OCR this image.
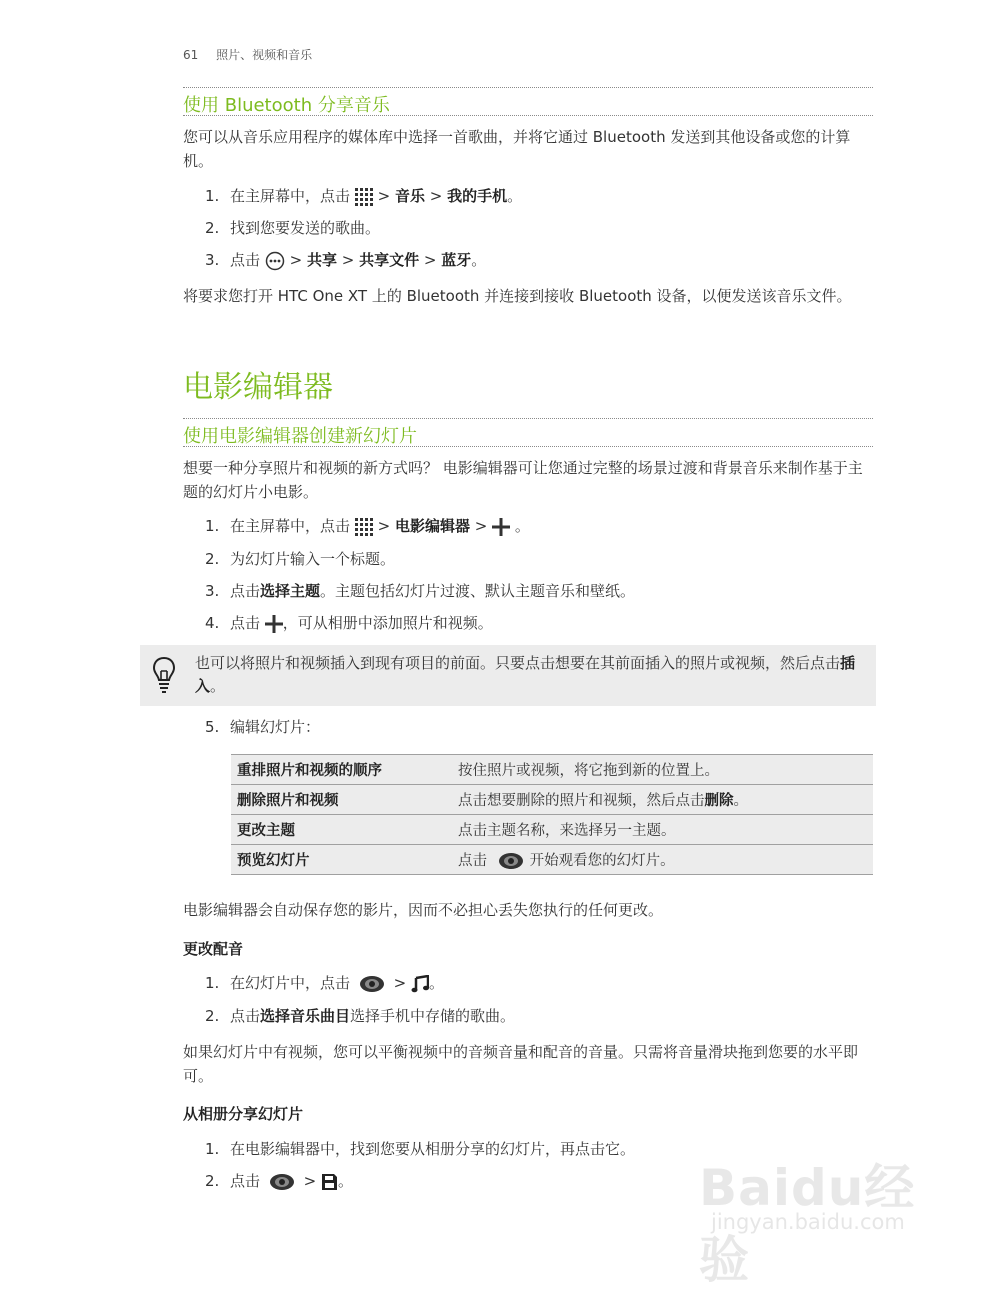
61 照片、视频和音乐
使用 Bluetooth 分享音乐
您可以从音乐应用程序的媒体库中选择一首歌曲，并将它通过 Bluetooth 发送到其他设备或您的计算机。
1. 在主屏幕中，点击 > 音乐 > 我的手机。
2. 找到您要发送的歌曲。
3. 点击 > 共享 > 共享文件 > 蓝牙。
将要求您打开 HTC One XT 上的 Bluetooth 并连接到接收 Bluetooth 设备，以便发送该音乐文件。
电影编辑器
使用电影编辑器创建新幻灯片
想要一种分享照片和视频的新方式吗？ 电影编辑器可让您通过完整的场景过渡和背景音乐来制作基于主题的幻灯片小电影。
1. 在主屏幕中，点击 > 电影编辑器 > 。
2. 为幻灯片输入一个标题。
3. 点击选择主题。主题包括幻灯片过渡、默认主题音乐和壁纸。
4. 点击 ，可从相册中添加照片和视频。
也可以将照片和视频插入到现有项目的前面。只要点击想要在其前面插入的照片或视频，然后点击插入。
5. 编辑幻灯片：
重排照片和视频的顺序	按住照片或视频，将它拖到新的位置上。
删除照片和视频	点击想要删除的照片和视频，然后点击删除。
更改主题	点击主题名称，来选择另一主题。
预览幻灯片	点击 开始观看您的幻灯片。
电影编辑器会自动保存您的影片，因而不必担心丢失您执行的任何更改。
更改配音
1. 在幻灯片中，点击	> 。
2. 点击选择音乐曲目选择手机中存储的歌曲。
如果幻灯片中有视频，您可以平衡视频中的音频音量和配音的音量。只需将音量滑块拖到您要的水平即可。
从相册分享幻灯片
1. 在电影编辑器中，找到您要从相册分享的幻灯片，再点击它。
2. 点击	> 。	Baidu经验
jingyan.baidu.com
